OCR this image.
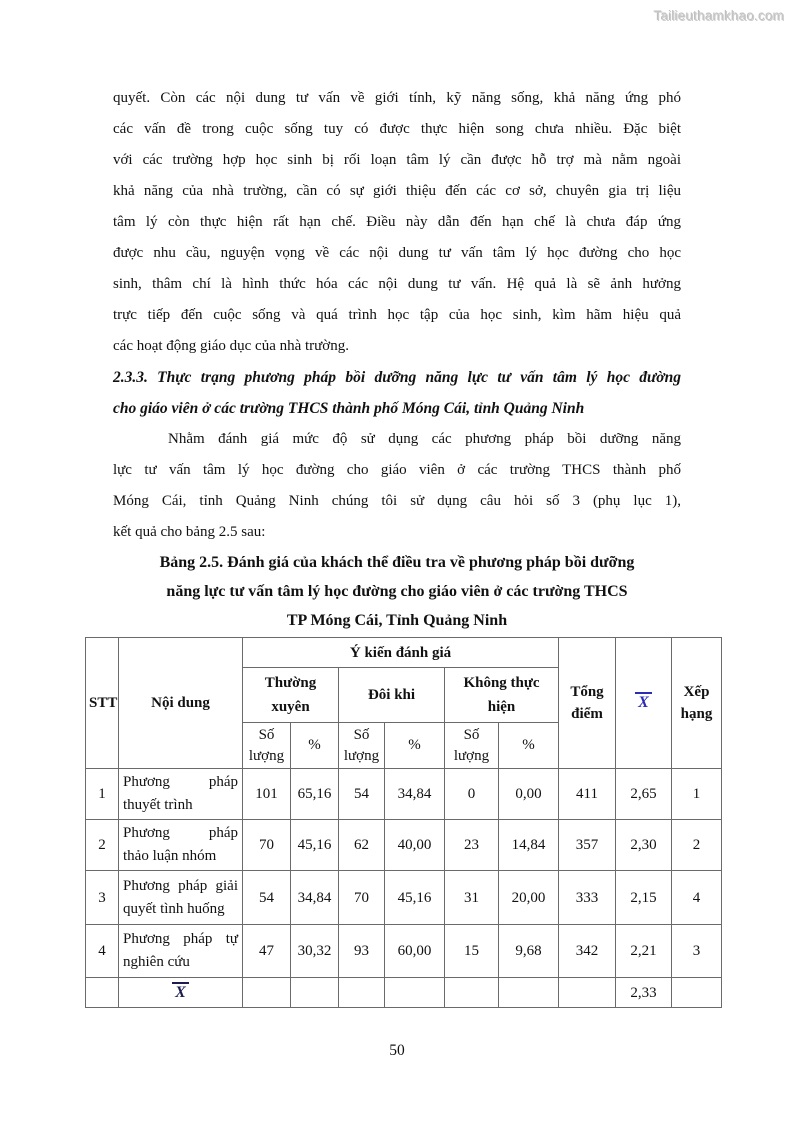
Tailieuthamkhao.com
quyết. Còn các nội dung tư vấn về giới tính, kỹ năng sống, khả năng ứng phó
các vấn đề trong cuộc sống tuy có được thực hiện song chưa nhiều. Đặc biệt
với các trường hợp học sinh bị rối loạn tâm lý cần được hỗ trợ mà nằm ngoài
khả năng của nhà trường, cần có sự giới thiệu đến các cơ sở, chuyên gia trị liệu
tâm lý còn thực hiện rất hạn chế. Điều này dẫn đến hạn chế là chưa đáp ứng
được nhu cầu, nguyện vọng về các nội dung tư vấn tâm lý học đường cho học
sinh, thâm chí là hình thức hóa các nội dung tư vấn. Hệ quả là sẽ ảnh hưởng
trực tiếp đến cuộc sống và quá trình học tập của học sinh, kìm hãm hiệu quả
các hoạt động giáo dục của nhà trường.
2.3.3. Thực trạng phương pháp bồi dưỡng năng lực tư vấn tâm lý học đường
cho giáo viên ở các trường THCS thành phố Móng Cái, tỉnh Quảng Ninh
Nhằm đánh giá mức độ sử dụng các phương pháp bồi dưỡng năng
lực tư vấn tâm lý học đường cho giáo viên ở các trường THCS thành phố
Móng Cái, tỉnh Quảng Ninh chúng tôi sử dụng câu hỏi số 3 (phụ lục 1),
kết quả cho bảng 2.5 sau:
Bảng 2.5. Đánh giá của khách thể điều tra về phương pháp bồi dưỡng
năng lực tư vấn tâm lý học đường cho giáo viên ở các trường THCS
TP Móng Cái, Tỉnh Quảng Ninh
STT	Nội dung	Ý kiến đánh giá						Tổng điểm	X	Xếp hạng
		Thường xuyên		Đôi khi		Không thực hiện				
		Số lượng	%	Số lượng	%	Số lượng	%			
1	Phương pháp
thuyết trình	101	65,16	54	34,84	0	0,00	411	2,65	1
2	Phương pháp
thảo luận nhóm	70	45,16	62	40,00	23	14,84	357	2,30	2
3	Phương pháp giải
quyết tình huống	54	34,84	70	45,16	31	20,00	333	2,15	4
4	Phương pháp tự
nghiên cứu	47	30,32	93	60,00	15	9,68	342	2,21	3
	X								2,33	
50
